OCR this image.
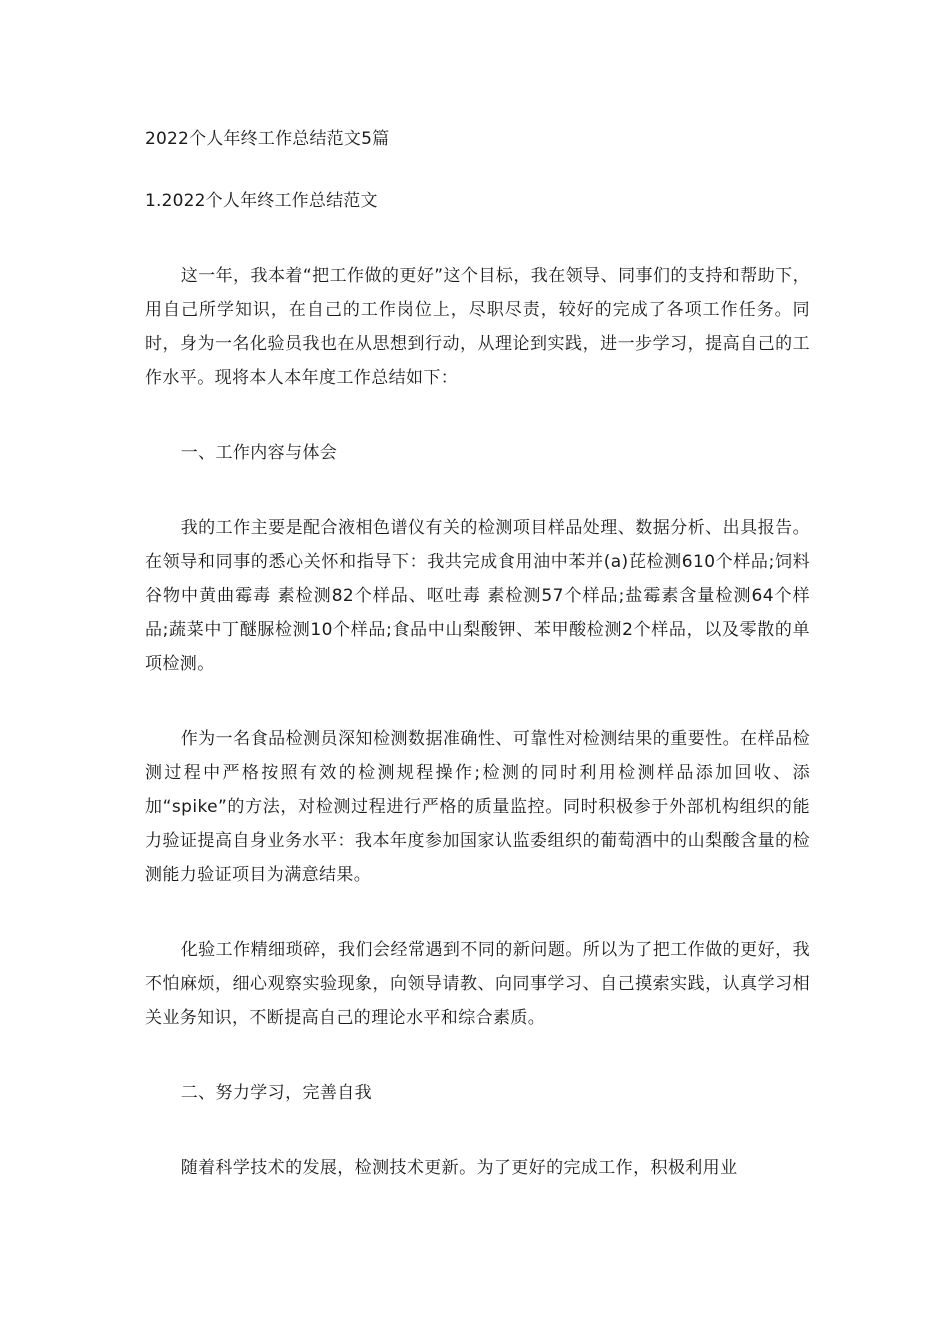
2022个人年终工作总结范文5篇

1.2022个人年终工作总结范文

这一年，我本着“把工作做的更好”这个目标，我在领导、同事们的支持和帮助下，用自己所学知识，在自己的工作岗位上，尽职尽责，较好的完成了各项工作任务。同时，身为一名化验员我也在从思想到行动，从理论到实践，进一步学习，提高自己的工作水平。现将本人本年度工作总结如下：

一、工作内容与体会

我的工作主要是配合液相色谱仪有关的检测项目样品处理、数据分析、出具报告。在领导和同事的悉心关怀和指导下：我共完成食用油中苯并(a)芘检测610个样品;饲料谷物中黄曲霉毒 素检测82个样品、呕吐毒 素检测57个样品;盐霉素含量检测64个样品;蔬菜中丁醚脲检测10个样品;食品中山梨酸钾、苯甲酸检测2个样品，以及零散的单项检测。

作为一名食品检测员深知检测数据准确性、可靠性对检测结果的重要性。在样品检测过程中严格按照有效的检测规程操作;检测的同时利用检测样品添加回收、添加“spike”的方法，对检测过程进行严格的质量监控。同时积极参于外部机构组织的能力验证提高自身业务水平：我本年度参加国家认监委组织的葡萄酒中的山梨酸含量的检测能力验证项目为满意结果。

化验工作精细琐碎，我们会经常遇到不同的新问题。所以为了把工作做的更好，我不怕麻烦，细心观察实验现象，向领导请教、向同事学习、自己摸索实践，认真学习相关业务知识，不断提高自己的理论水平和综合素质。

二、努力学习，完善自我

随着科学技术的发展，检测技术更新。为了更好的完成工作，积极利用业
